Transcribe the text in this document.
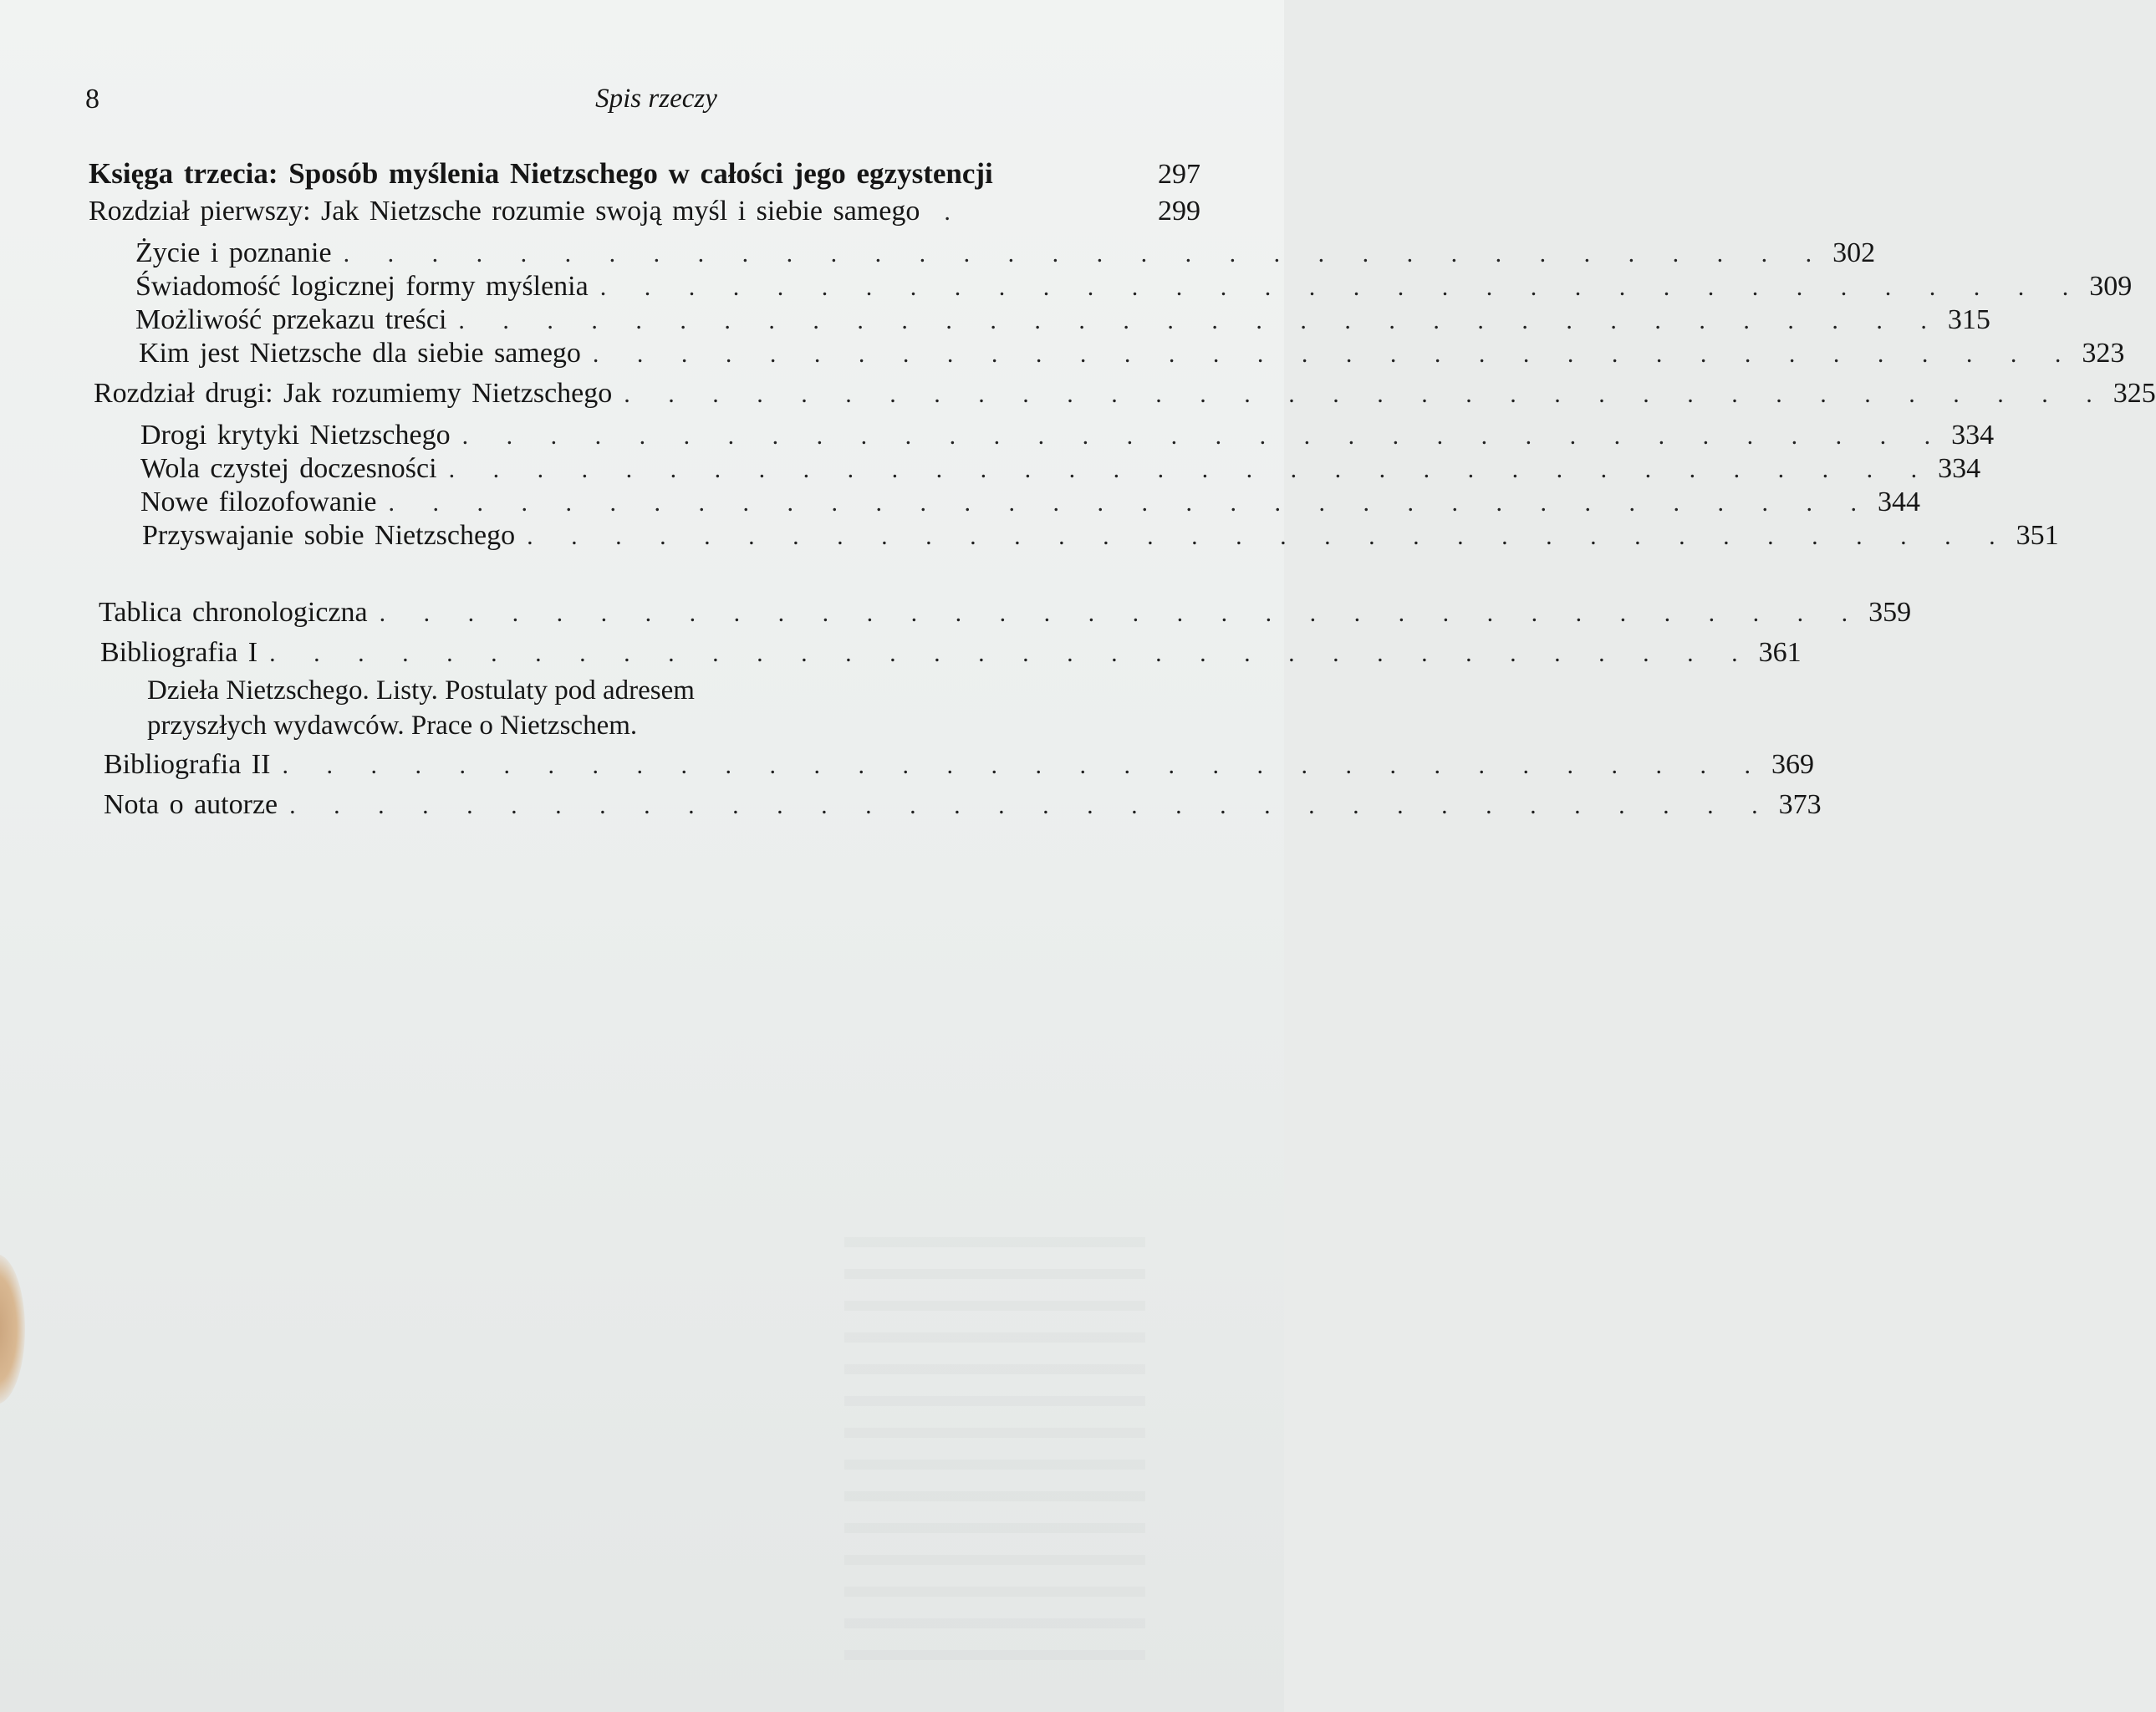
8	Spis rzeczy
Księga trzecia: Sposób myślenia Nietzschego w całości jego egzystencji	297
Rozdział pierwszy: Jak Nietzsche rozumie swoją myśl i siebie samego .	299
Życie i poznanie . . . . . . . . . . . . . . . . . . . . . . . . . . . . . . . . . . 302
Świadomość logicznej formy myślenia . . . . . . . . . . . . . . . . . . . . . . . . . . . . . . . . . . 309
Możliwość przekazu treści . . . . . . . . . . . . . . . . . . . . . . . . . . . . . . . . . . 315
Kim jest Nietzsche dla siebie samego . . . . . . . . . . . . . . . . . . . . . . . . . . . . . . . . . . 323
Rozdział drugi: Jak rozumiemy Nietzschego . . . . . . . . . . . . . . . . . . . . . . . . . . . . . . . . . . 325
Drogi krytyki Nietzschego . . . . . . . . . . . . . . . . . . . . . . . . . . . . . . . . . . 334
Wola czystej doczesności . . . . . . . . . . . . . . . . . . . . . . . . . . . . . . . . . . 334
Nowe filozofowanie . . . . . . . . . . . . . . . . . . . . . . . . . . . . . . . . . . 344
Przyswajanie sobie Nietzschego . . . . . . . . . . . . . . . . . . . . . . . . . . . . . . . . . . 351
Tablica chronologiczna . . . . . . . . . . . . . . . . . . . . . . . . . . . . . . . . . . 359
Bibliografia I . . . . . . . . . . . . . . . . . . . . . . . . . . . . . . . . . . 361
Dzieła Nietzschego. Listy. Postulaty pod adresem
przyszłych wydawców. Prace o Nietzschem.
Bibliografia II . . . . . . . . . . . . . . . . . . . . . . . . . . . . . . . . . . 369
Nota o autorze . . . . . . . . . . . . . . . . . . . . . . . . . . . . . . . . . . 373
